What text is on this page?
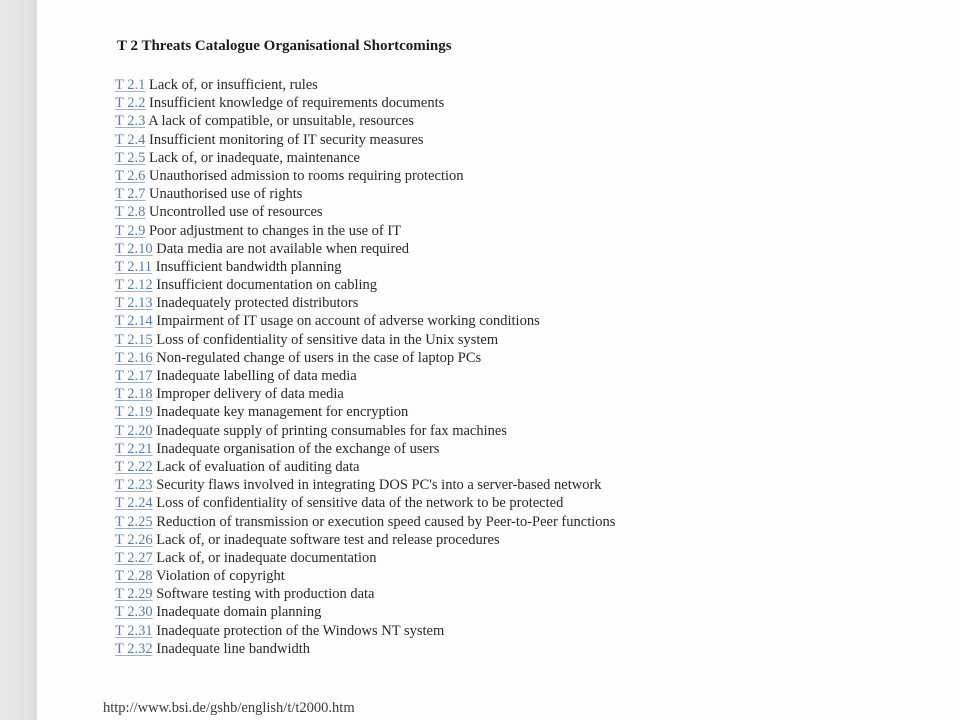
T 2 Threats Catalogue Organisational Shortcomings
T 2.1 Lack of, or insufficient, rules
T 2.2 Insufficient knowledge of requirements documents
T 2.3 A lack of compatible, or unsuitable, resources
T 2.4 Insufficient monitoring of IT security measures
T 2.5 Lack of, or inadequate, maintenance
T 2.6 Unauthorised admission to rooms requiring protection
T 2.7 Unauthorised use of rights
T 2.8 Uncontrolled use of resources
T 2.9 Poor adjustment to changes in the use of IT
T 2.10 Data media are not available when required
T 2.11 Insufficient bandwidth planning
T 2.12 Insufficient documentation on cabling
T 2.13 Inadequately protected distributors
T 2.14 Impairment of IT usage on account of adverse working conditions
T 2.15 Loss of confidentiality of sensitive data in the Unix system
T 2.16 Non-regulated change of users in the case of laptop PCs
T 2.17 Inadequate labelling of data media
T 2.18 Improper delivery of data media
T 2.19 Inadequate key management for encryption
T 2.20 Inadequate supply of printing consumables for fax machines
T 2.21 Inadequate organisation of the exchange of users
T 2.22 Lack of evaluation of auditing data
T 2.23 Security flaws involved in integrating DOS PC's into a server-based network
T 2.24 Loss of confidentiality of sensitive data of the network to be protected
T 2.25 Reduction of transmission or execution speed caused by Peer-to-Peer functions
T 2.26 Lack of, or inadequate software test and release procedures
T 2.27 Lack of, or inadequate documentation
T 2.28 Violation of copyright
T 2.29 Software testing with production data
T 2.30 Inadequate domain planning
T 2.31 Inadequate protection of the Windows NT system
T 2.32 Inadequate line bandwidth
http://www.bsi.de/gshb/english/t/t2000.htm
